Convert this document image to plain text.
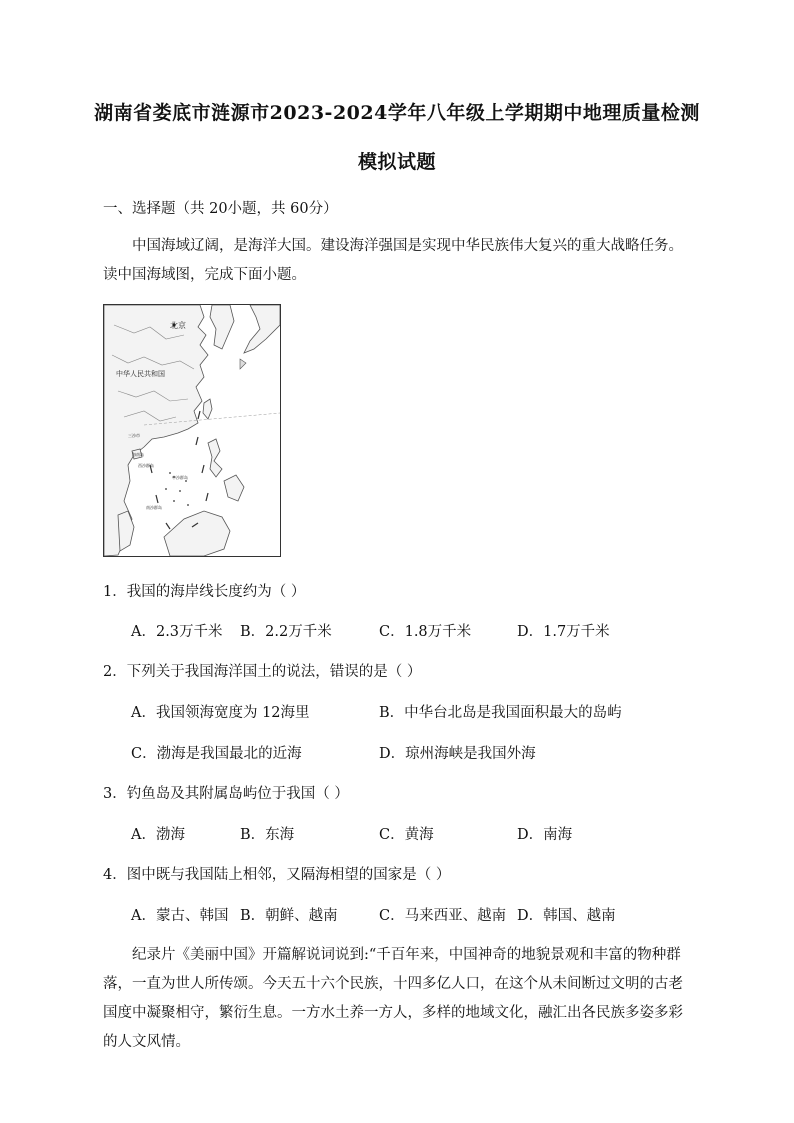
湖南省娄底市涟源市2023-2024学年八年级上学期期中地理质量检测
模拟试题
一、选择题（共 20小题，共 60分）
中国海域辽阔，是海洋大国。建设海洋强国是实现中华民族伟大复兴的重大战略任务。读中国海域图，完成下面小题。
北京
中华人民共和国
三沙市
海南岛
西沙群岛
中沙群岛
南沙群岛
1．我国的海岸线长度约为（ ）
A．2.3万千米 B．2.2万千米	C．1.8万千米	D．1.7万千米
2．下列关于我国海洋国土的说法，错误的是（ ）
A．我国领海宽度为 12海里	B．中华台北岛是我国面积最大的岛屿
C．渤海是我国最北的近海	D．琼州海峡是我国外海
3．钓鱼岛及其附属岛屿位于我国（ ）
A．渤海	B．东海	C．黄海	D．南海
4．图中既与我国陆上相邻，又隔海相望的国家是（ ）
A．蒙古、韩国 B．朝鲜、越南	C．马来西亚、越南 D．韩国、越南
纪录片《美丽中国》开篇解说词说到:“千百年来，中国神奇的地貌景观和丰富的物种群落，一直为世人所传颂。今天五十六个民族，十四多亿人口，在这个从未间断过文明的古老国度中凝聚相守，繁衍生息。一方水土养一方人，多样的地域文化，融汇出各民族多姿多彩的人文风情。
